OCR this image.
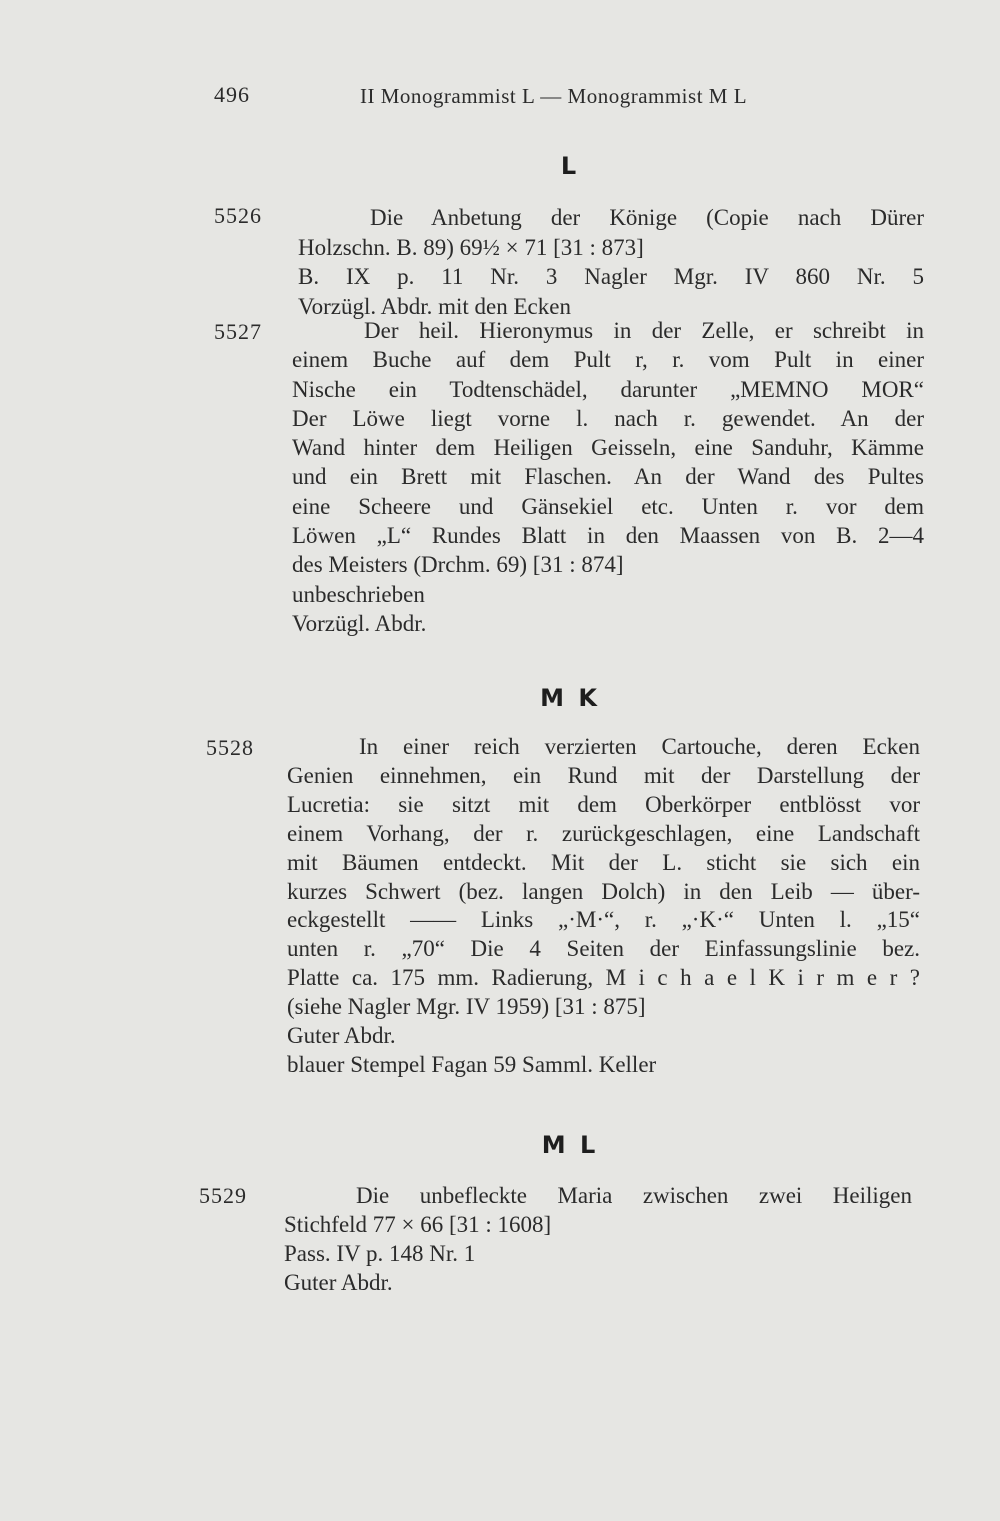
496	II Monogrammist L — Monogrammist M L
L
5526	Die Anbetung der Könige (Copie nach Dürer
Holzschn. B. 89) 69½ × 71 [31 : 873]
B. IX p. 11 Nr. 3 Nagler Mgr. IV 860 Nr. 5
Vorzügl. Abdr. mit den Ecken
5527	Der heil. Hieronymus in der Zelle, er schreibt in
einem Buche auf dem Pult r, r. vom Pult in einer
Nische ein Todtenschädel, darunter „MEMNO MOR“
Der Löwe liegt vorne l. nach r. gewendet. An der
Wand hinter dem Heiligen Geisseln, eine Sanduhr, Kämme
und ein Brett mit Flaschen. An der Wand des Pultes
eine Scheere und Gänsekiel etc. Unten r. vor dem
Löwen „L“ Rundes Blatt in den Maassen von B. 2—4
des Meisters (Drchm. 69) [31 : 874]
unbeschrieben
Vorzügl. Abdr.
M K
5528	In einer reich verzierten Cartouche, deren Ecken
Genien einnehmen, ein Rund mit der Darstellung der
Lucretia: sie sitzt mit dem Oberkörper entblösst vor
einem Vorhang, der r. zurückgeschlagen, eine Landschaft
mit Bäumen entdeckt. Mit der L. sticht sie sich ein
kurzes Schwert (bez. langen Dolch) in den Leib — über-
eckgestellt —— Links „·M·“, r. „·K·“ Unten l. „15“
unten r. „70“ Die 4 Seiten der Einfassungslinie bez.
Platte ca. 175 mm. Radierung, M i c h a e l K i r m e r ?
(siehe Nagler Mgr. IV 1959) [31 : 875]
Guter Abdr.
blauer Stempel Fagan 59 Samml. Keller
M L
5529	Die unbefleckte Maria zwischen zwei Heiligen
Stichfeld 77 × 66 [31 : 1608]
Pass. IV p. 148 Nr. 1
Guter Abdr.
